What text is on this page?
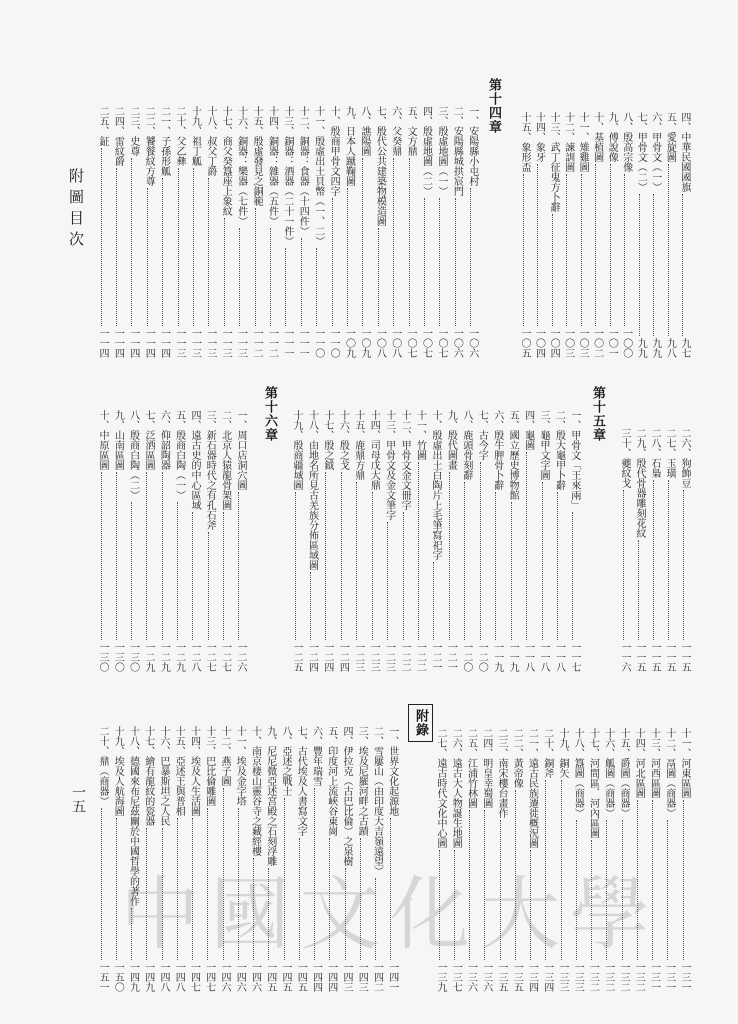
附圖目次
一五
四、中華民國國旗
九七
五、愛旋圖
九八
六、甲骨文（一）
九九
七、甲骨文（二）
九九
八、殷高宗像
一〇〇
九、傅說像
一〇一
十、基植圖
一〇二
十一、雉雞圖
一〇三
十二、諫訓圖
一〇三
十三、武丁征鬼方卜辭
一〇四
十四、象牙
一〇四
十五、象形盃
一〇五
第十四章
一、安陽縣小屯村
一〇六
二、安陽縣城拱宸門
一〇六
三、殷虛地圖（一）
一〇七
四、殷虛地圖（二）
一〇七
五、文方鼎
一〇七
六、父癸鼎
一〇八
七、殷代公共建築物模造圖
一〇八
八、譙陽圖
一〇九
九、日本人蹴鞠圖
一〇九
十、殷商甲骨文四字
一一〇
十一、殷虛出土貝幣（一、二）
一一〇
十二、銅器：食器（十四件）
一一一
十三、銅器：酒器（二十一件）
一一一
十四、銅器：雜器（五件）
一一二
十五、殷虛發見之銅範
一一二
十六、銅器：樂器（七件）
一一三
十七、商父癸簋座上象紋
一一三
十八、叔父丁爵
一一三
十九、祖丁觚
一一三
二十、父乙彝
一一三
二一、子孫形觚
一一四
二二、饕餮紋方尊
一一四
二三、史尊
一一四
二四、雷紋爵
一一四
二五、鉦
一一四
二六、狗飾豆
一一五
二七、玉璜
一一五
二八、石梟
一一五
二九、殷代骨器雕刻花紋
一一五
三十、夔紋戈
一一六
第十五章
一、甲骨文「王來兩」
一一七
二、殷大龜甲卜辭
一一八
三、龜甲文字圖
一一八
四、龜圖
一一八
五、國立歷史博物館
一一九
六、殷牛胛骨卜辭
一一九
七、古今字
一二〇
八、鹿頭骨刻辭
一二〇
九、殷代圖畫
一二一
十、殷虛出土白陶片上毛筆寫祀字
一二一
十一、竹圖
一二二
十二、甲骨文金文冊字
一二二
十三、甲骨文及金文筆字
一二三
十四、司母戊大鼎
一二三
十五、鹿鼎方鼎
一二三
十六、殷之戈
一二四
十七、殷之鉞
一二四
十八、由地名所見古羌族分佈區域圖
一二四
十九、殷商疆域圖
一二五
第十六章
一、周口店洞穴圖
一二六
二、北京人猿龍骨架圖
一二七
三、新石器時代之有孔石斧
一二七
四、遠古史的中心區域
一二八
五、殷商白陶（一）
一二九
六、仰韶陶器
一二九
七、泛洒區圖
一二九
八、殷商白陶（二）
一三〇
九、山南區圖
一三〇
十、中原區圖
一三〇
十一、河東區圖
一三一
十二、鬲圖（商器）
一三一
十三、河西區圖
一三一
十四、河北區圖
一三二
十五、爵圖（商器）
一三二
十六、觚圖（商器）
一三二
十七、河間區．河內區圖
一三二
十八、簋圖（商器）
一三三
十九、銅矢
一三三
二十、銅斧
一三四
二一、遠古民族遷徙概況圖
一三四
二二、黃帝像
一三五
二三、南宋樓台畫作
一三五
二四、明皇幸蜀圖
一三六
二五、江浦竹林圖
一三六
二六、遠古大人物誕生地圖
一三七
二七、遠古時代文化中心圖
一三九
附錄
一、世界文化起源地
一四一
二、雪屢山（由印度大吉嶺遠望）
一四二
三、埃及尼羅河畔之古蹟
一四三
四、伊拉克（古巴比倫）之泉樹
一四三
五、印度河上流峽谷東崗
一四四
六、豐年瑞雪
一四四
七、古代埃及人書寫文字
一四五
八、亞述之戰士
一四五
九、尼尼微亞述宮殿之石刻浮雕
一四五
十、南京棲山靈谷寺之藏經樓
一四六
十一、埃及金字塔
一四六
十二、燕子圖
一四六
十三、巴比倫雕圖
一四七
十四、埃及人生活圖
一四七
十五、亞述王與普相
一四八
十六、巴暴斯坦之人民
一四八
十七、繪有龍紋的瓷器
一四九
十八、德國來布尼茲關於中國哲學的著作
一四九
十九、埃及人航海圖
一五〇
二十、鼎（商器）
一五一
中國文化大學
